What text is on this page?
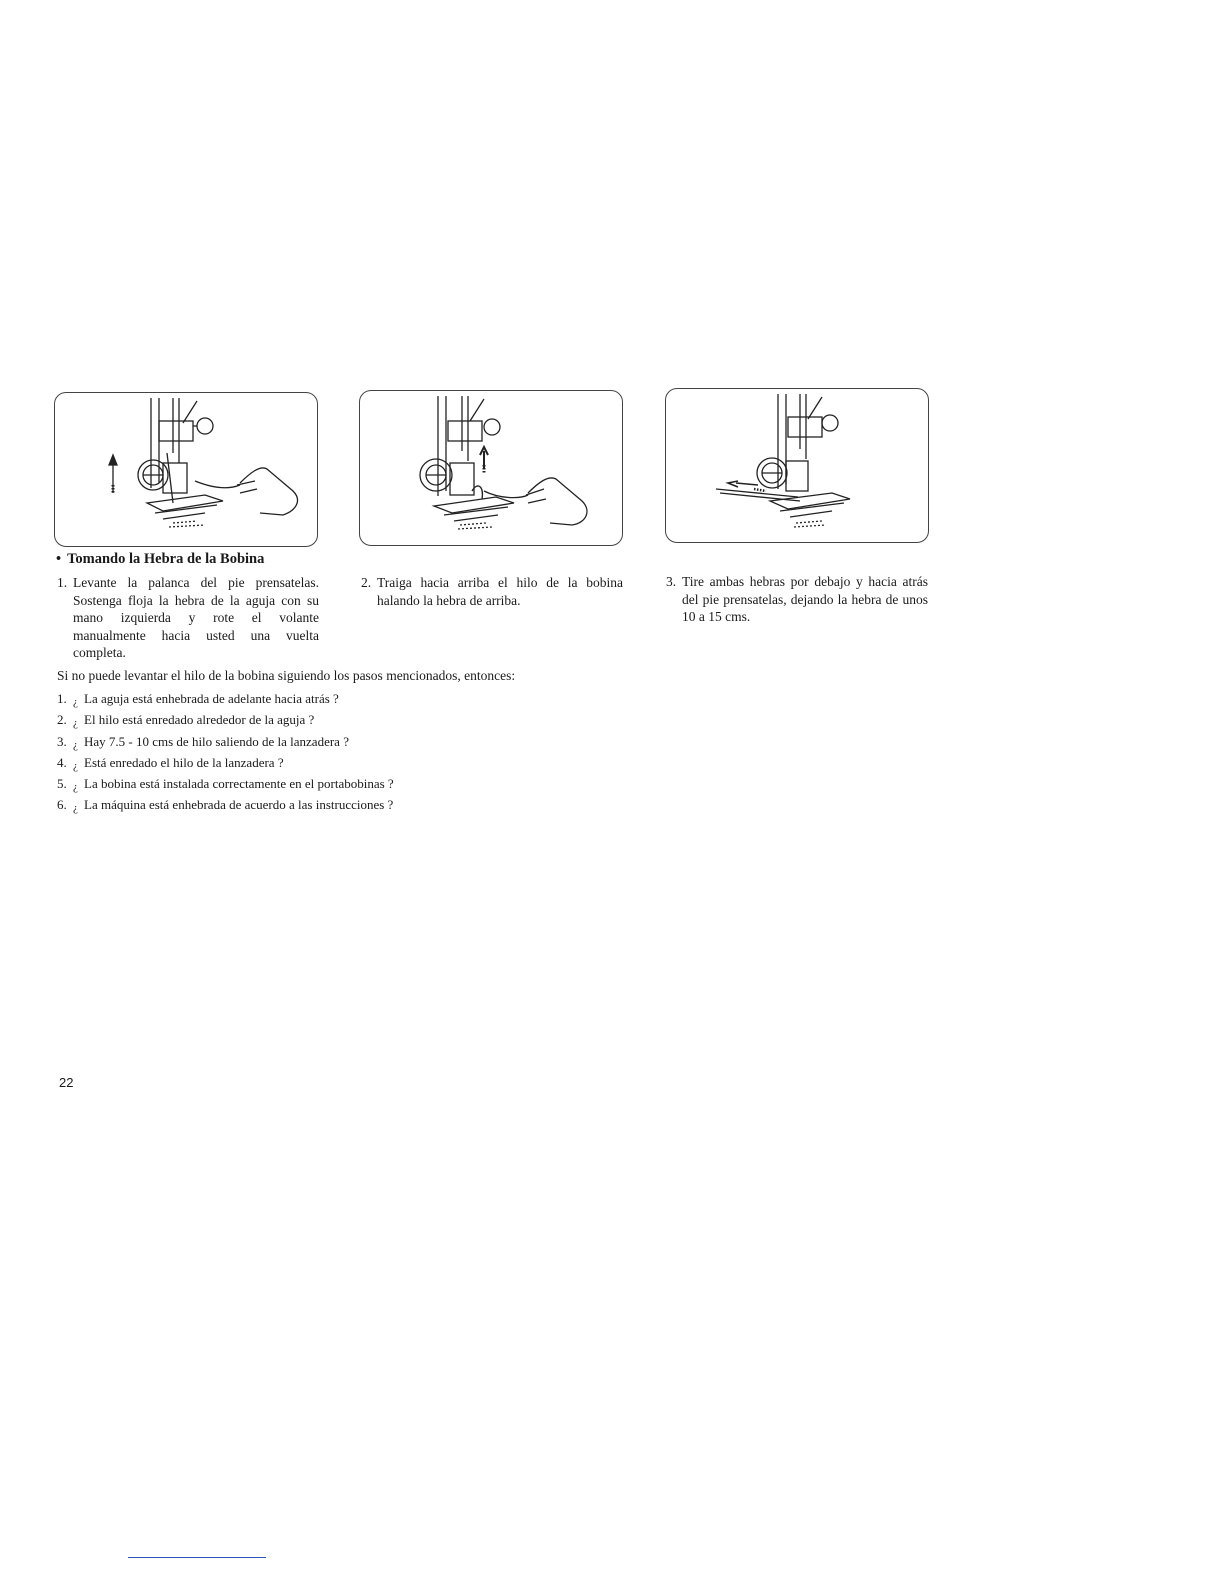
• Tomando la Hebra de la Bobina
1. Levante la palanca del pie prensatelas. Sostenga floja la hebra de la aguja con su mano izquierda y rote el volante manualmente hacia usted una vuelta completa.
2. Traiga hacia arriba el hilo de la bobina halando la hebra de arriba.
3. Tire ambas hebras por debajo y hacia atrás del pie prensatelas, dejando la hebra de unos 10 a 15 cms.
Si no puede levantar el hilo de la bobina siguiendo los pasos mencionados, entonces:
1. ¿ La aguja está enhebrada de adelante hacia atrás ?
2. ¿ El hilo está enredado alrededor de la aguja ?
3. ¿ Hay 7.5 - 10 cms de hilo saliendo de la lanzadera ?
4. ¿ Está enredado el hilo de la lanzadera ?
5. ¿ La bobina está instalada correctamente en el portabobinas ?
6. ¿ La máquina está enhebrada de acuerdo a las instrucciones ?
22
